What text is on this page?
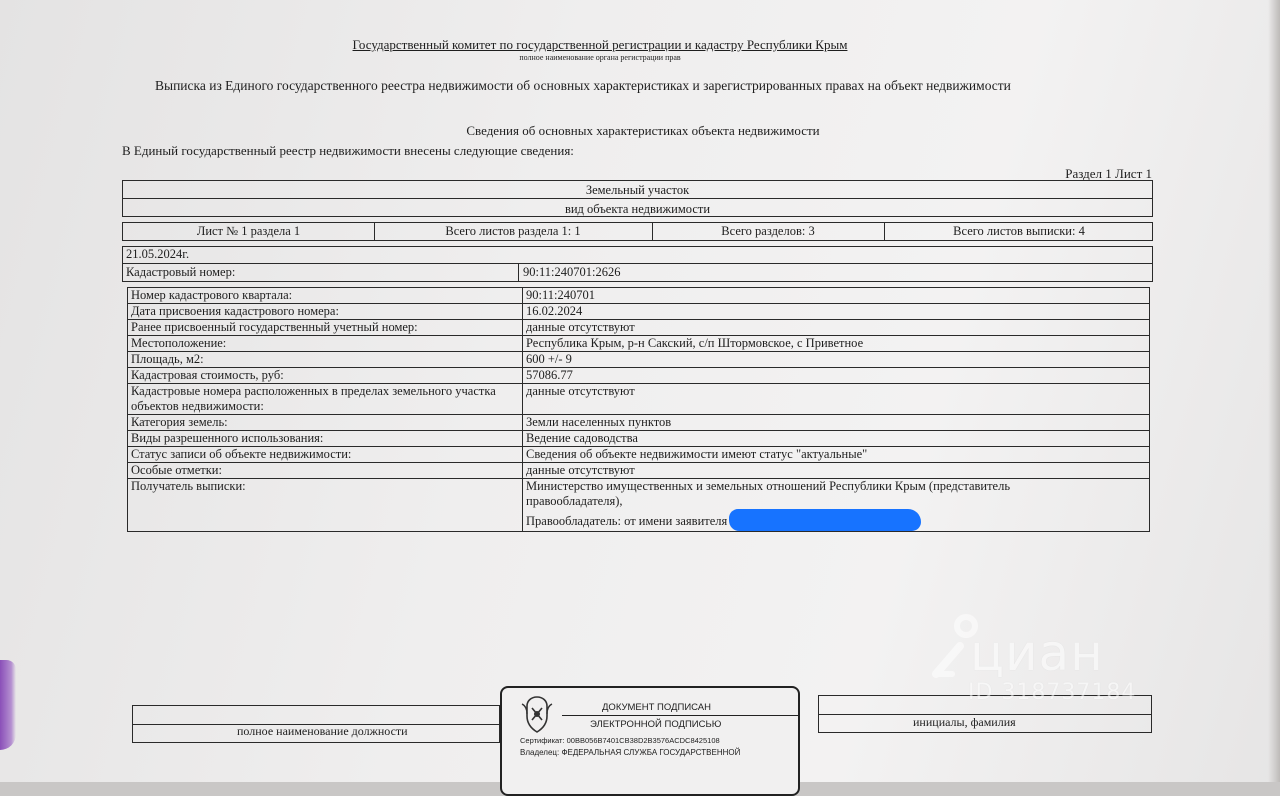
Государственный комитет по государственной регистрации и кадастру Республики Крым
полное наименование органа регистрации прав
Выписка из Единого государственного реестра недвижимости об основных характеристиках и зарегистрированных правах на объект недвижимости
Сведения об основных характеристиках объекта недвижимости
В Единый государственный реестр недвижимости внесены следующие сведения:
Раздел 1 Лист 1
Земельный участок
вид объекта недвижимости
Лист № 1 раздела 1	Всего листов раздела 1: 1	Всего разделов: 3	Всего листов выписки: 4
21.05.2024г.
Кадастровый номер:	90:11:240701:2626
Номер кадастрового квартала:	90:11:240701
Дата присвоения кадастрового номера:	16.02.2024
Ранее присвоенный государственный учетный номер:	данные отсутствуют
Местоположение:	Республика Крым, р-н Сакский, с/п Штормовское, с Приветное
Площадь, м2:	600 +/- 9
Кадастровая стоимость, руб:	57086.77
Кадастровые номера расположенных в пределах земельного участка объектов недвижимости:	данные отсутствуют
Категория земель:	Земли населенных пунктов
Виды разрешенного использования:	Ведение садоводства
Статус записи об объекте недвижимости:	Сведения об объекте недвижимости имеют статус "актуальные"
Особые отметки:	данные отсутствуют
Получатель выписки:	Министерство имущественных и земельных отношений Республики Крым (представитель
правообладателя),
Правообладатель: от имени заявителя
полное наименование должности
инициалы, фамилия
ДОКУМЕНТ ПОДПИСАН
ЭЛЕКТРОННОЙ ПОДПИСЬЮ
Сертификат: 00BB056B7401CB38D2B3576ACDC8425108
Владелец: ФЕДЕРАЛЬНАЯ СЛУЖБА ГОСУДАРСТВЕННОЙ
циан
ID 318737184
